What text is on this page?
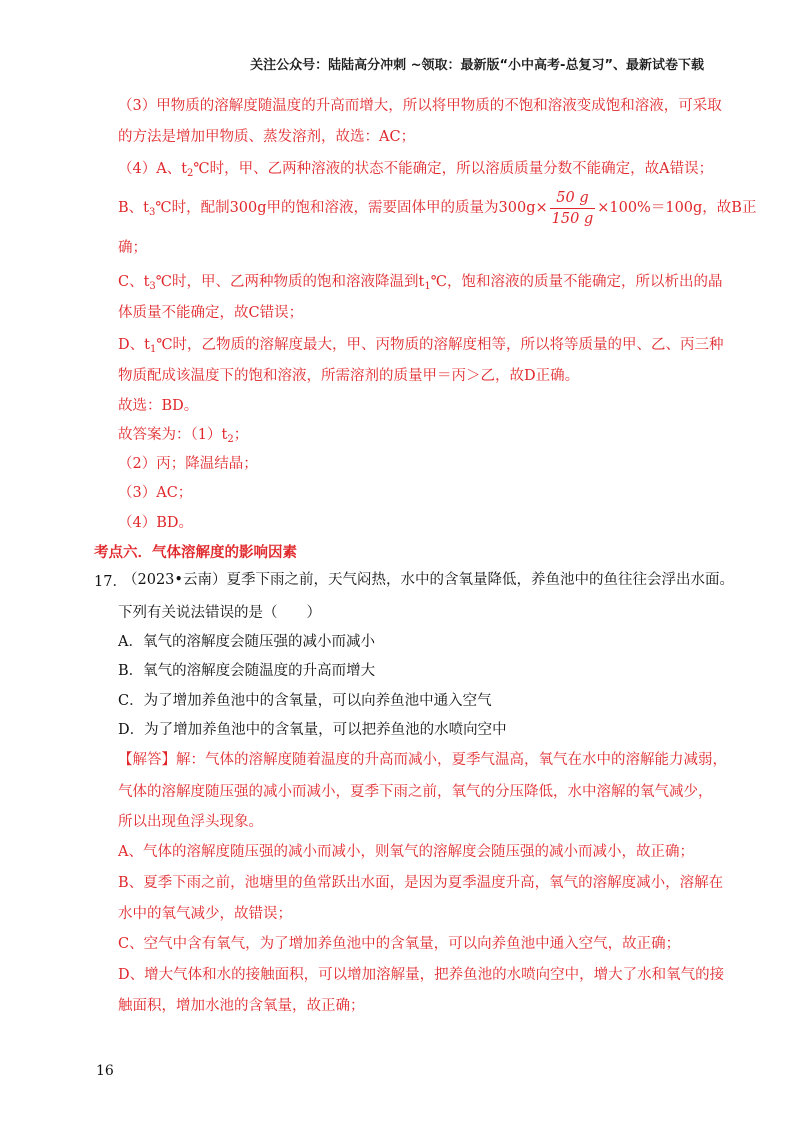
关注公众号：陆陆高分冲刺 ~领取：最新版“小中高考-总复习”、最新试卷下载
（3）甲物质的溶解度随温度的升高而增大，所以将甲物质的不饱和溶液变成饱和溶液，可采取
的方法是增加甲物质、蒸发溶剂，故选：AC；
（4）A、$t_2℃$时，甲、乙两种溶液的状态不能确定，所以溶质质量分数不能确定，故A错误；
B、$t_3℃$时，配制300g甲的饱和溶液，需要固体甲的质量为$300g\times \frac{50 g}{150 g} \times 100\%=100g$，故B正
确；
C、$t_3℃$时，甲、乙两种物质的饱和溶液降温到$t_1℃$，饱和溶液的质量不能确定，所以析出的晶
体质量不能确定，故C错误；
D、$t_1℃$时，乙物质的溶解度最大，甲、丙物质的溶解度相等，所以将等质量的甲、乙、丙三种
物质配成该温度下的饱和溶液，所需溶剂的质量甲＝丙＞乙，故D正确。
故选：BD。
故答案为：$(1)t_2$；
（2）丙；降温结晶；
（3）AC；
（4）BD。
考点六．气体溶解度的影响因素
17．
（2023•云南）夏季下雨之前，天气闷热，水中的含氧量降低，养鱼池中的鱼往往会浮出水面。
下列有关说法错误的是（　　）
A．氧气的溶解度会随压强的减小而减小
B．氧气的溶解度会随温度的升高而增大
C．为了增加养鱼池中的含氧量，可以向养鱼池中通入空气
D．为了增加养鱼池中的含氧量，可以把养鱼池的水喷向空中
【解答】解：气体的溶解度随着温度的升高而减小，夏季气温高，氧气在水中的溶解能力减弱，
气体的溶解度随压强的减小而减小，夏季下雨之前，氧气的分压降低，水中溶解的氧气减少，
所以出现鱼浮头现象。
A、气体的溶解度随压强的减小而减小，则氧气的溶解度会随压强的减小而减小，故正确；
B、夏季下雨之前，池塘里的鱼常跃出水面，是因为夏季温度升高，氧气的溶解度减小，溶解在
水中的氧气减少，故错误；
C、空气中含有氧气，为了增加养鱼池中的含氧量，可以向养鱼池中通入空气，故正确；
D、增大气体和水的接触面积，可以增加溶解量，把养鱼池的水喷向空中，增大了水和氧气的接
触面积，增加水池的含氧量，故正确；
16
